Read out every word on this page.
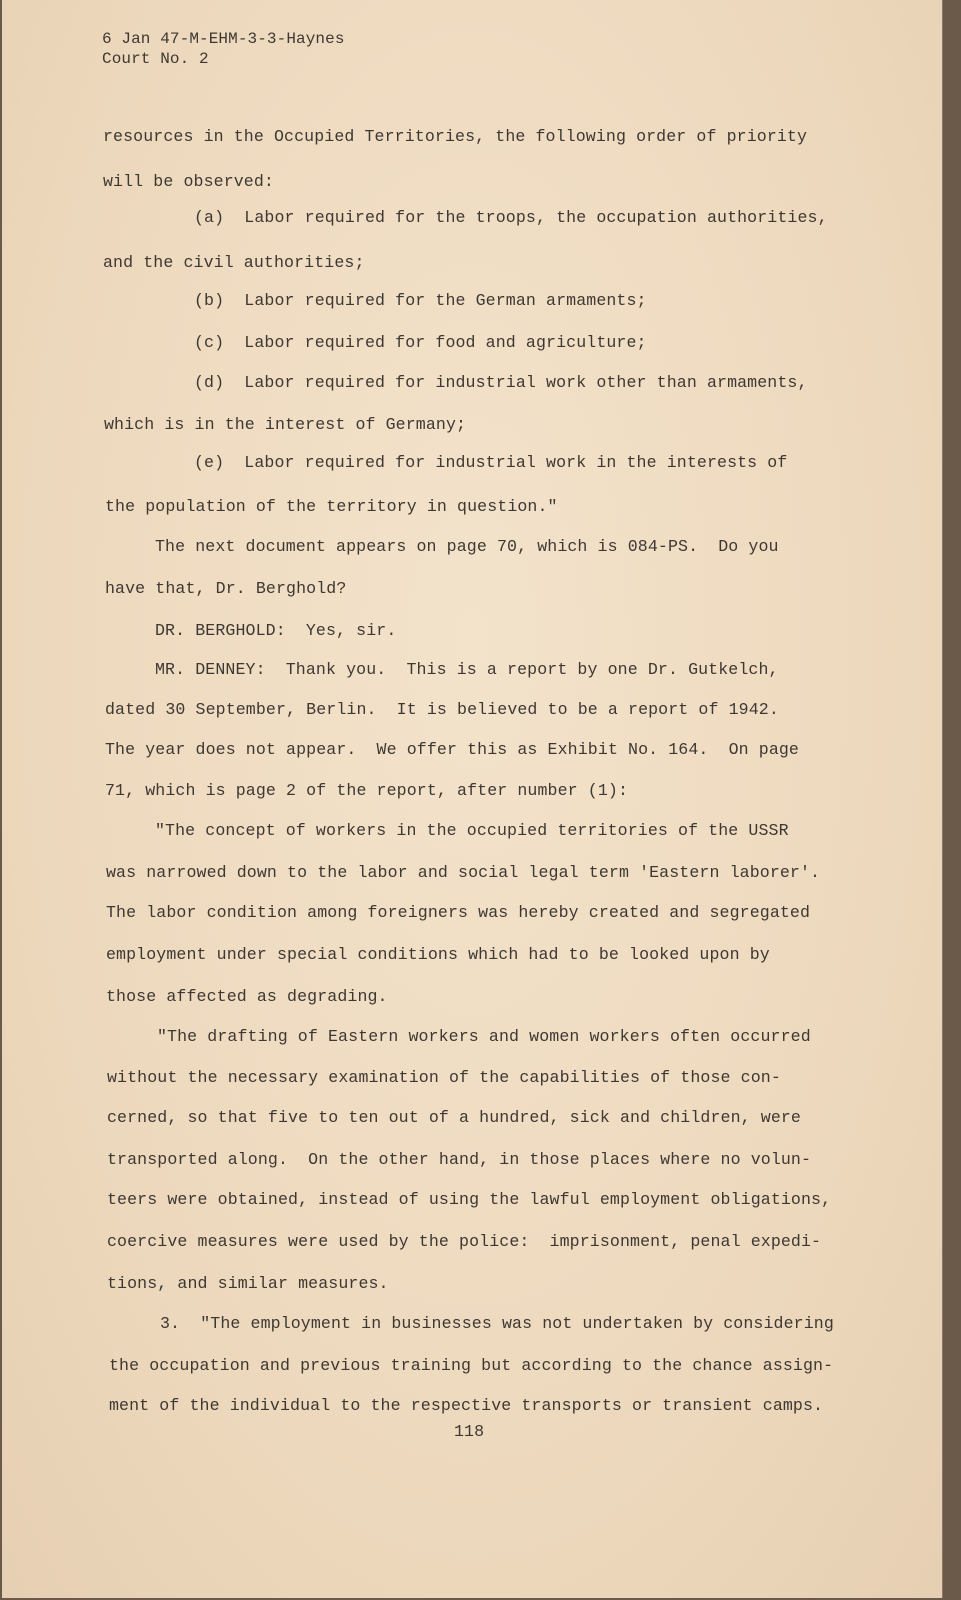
6 Jan 47-M-EHM-3-3-Haynes
Court No. 2
resources in the Occupied Territories, the following order of priority
will be observed:
(a)  Labor required for the troops, the occupation authorities,
and the civil authorities;
(b)  Labor required for the German armaments;
(c)  Labor required for food and agriculture;
(d)  Labor required for industrial work other than armaments,
which is in the interest of Germany;
(e)  Labor required for industrial work in the interests of
the population of the territory in question."
The next document appears on page 70, which is 084-PS.  Do you
have that, Dr. Berghold?
DR. BERGHOLD:  Yes, sir.
MR. DENNEY:  Thank you.  This is a report by one Dr. Gutkelch,
dated 30 September, Berlin.  It is believed to be a report of 1942.
The year does not appear.  We offer this as Exhibit No. 164.  On page
71, which is page 2 of the report, after number (1):
"The concept of workers in the occupied territories of the USSR
was narrowed down to the labor and social legal term 'Eastern laborer'.
The labor condition among foreigners was hereby created and segregated
employment under special conditions which had to be looked upon by
those affected as degrading.
"The drafting of Eastern workers and women workers often occurred
without the necessary examination of the capabilities of those con-
cerned, so that five to ten out of a hundred, sick and children, were
transported along.  On the other hand, in those places where no volun-
teers were obtained, instead of using the lawful employment obligations,
coercive measures were used by the police:  imprisonment, penal expedi-
tions, and similar measures.
3.  "The employment in businesses was not undertaken by considering
the occupation and previous training but according to the chance assign-
ment of the individual to the respective transports or transient camps.
118
